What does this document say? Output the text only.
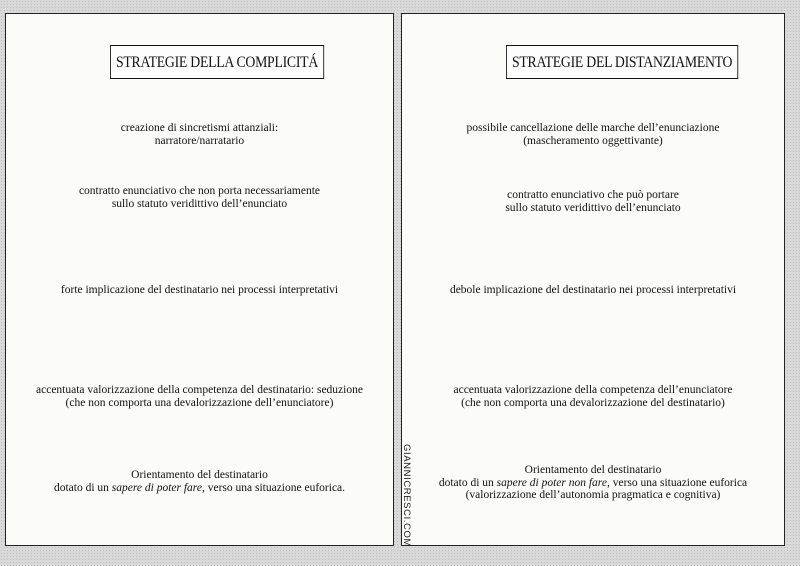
STRATEGIE DELLA COMPLICITÁ
creazione di sincretismi attanziali:
narratore/narratario
contratto enunciativo che non porta necessariamente
sullo statuto veridittivo dell’enunciato
forte implicazione del destinatario nei processi interpretativi
accentuata valorizzazione della competenza del destinatario: seduzione
(che non comporta una devalorizzazione dell’enunciatore)
Orientamento del destinatario
dotato di un sapere di poter fare, verso una situazione euforica.
STRATEGIE DEL DISTANZIAMENTO
possibile cancellazione delle marche dell’enunciazione
(mascheramento oggettivante)
contratto enunciativo che può portare
sullo statuto veridittivo dell’enunciato
debole implicazione del destinatario nei processi interpretativi
accentuata valorizzazione della competenza dell’enunciatore
(che non comporta una devalorizzazione del destinatario)
Orientamento del destinatario
dotato di un sapere di poter non fare, verso una situazione euforica
(valorizzazione dell’autonomia pragmatica e cognitiva)
GIANNICRESCI.COM
